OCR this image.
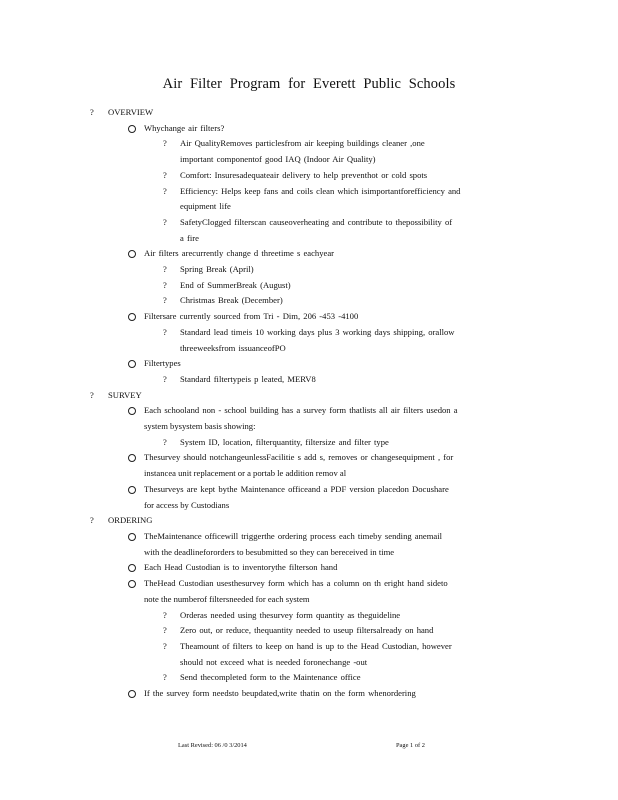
Air Filter Program for Everett Public Schools
? OVERVIEW
Whychange air filters?
? Air QualityRemoves particlesfrom air keeping buildings cleaner ,one
important componentof good IAQ (Indoor Air Quality)
? Comfort: Insuresadequateair delivery to help preventhot or cold spots
? Efficiency: Helps keep fans and coils clean which isimportantforefficiency and
equipment life
? SafetyClogged filterscan causeoverheating and contribute to thepossibility of
a fire
Air filters arecurrently change d threetime s eachyear
? Spring Break (April)
? End of SummerBreak (August)
? Christmas Break (December)
Filtersare currently sourced from Tri - Dim, 206 -453 -4100
? Standard lead timeis 10 working days plus 3 working days shipping, orallow
threeweeksfrom issuanceofPO
Filtertypes
? Standard filtertypeis p leated, MERV8
? SURVEY
Each schooland non - school building has a survey form thatlists all air filters usedon a
system bysystem basis showing:
? System ID, location, filterquantity, filtersize and filter type
Thesurvey should notchangeunlessFacilitie s add s, removes or changesequipment , for
instancea unit replacement or a portab le addition remov al
Thesurveys are kept bythe Maintenance officeand a PDF version placedon Docushare
for access by Custodians
? ORDERING
TheMaintenance officewill triggerthe ordering process each timeby sending anemail
with the deadlinefororders to besubmitted so they can bereceived in time
Each Head Custodian is to inventorythe filterson hand
TheHead Custodian usesthesurvey form which has a column on th eright hand sideto
note the numberof filtersneeded for each system
? Orderas needed using thesurvey form quantity as theguideline
? Zero out, or reduce, thequantity needed to useup filtersalready on hand
? Theamount of filters to keep on hand is up to the Head Custodian, however
should not exceed what is needed foronechange -out
? Send thecompleted form to the Maintenance office
If the survey form needsto beupdated,write thatin on the form whenordering
Last Revised: 06 /0 3/2014	Page 1 of 2
